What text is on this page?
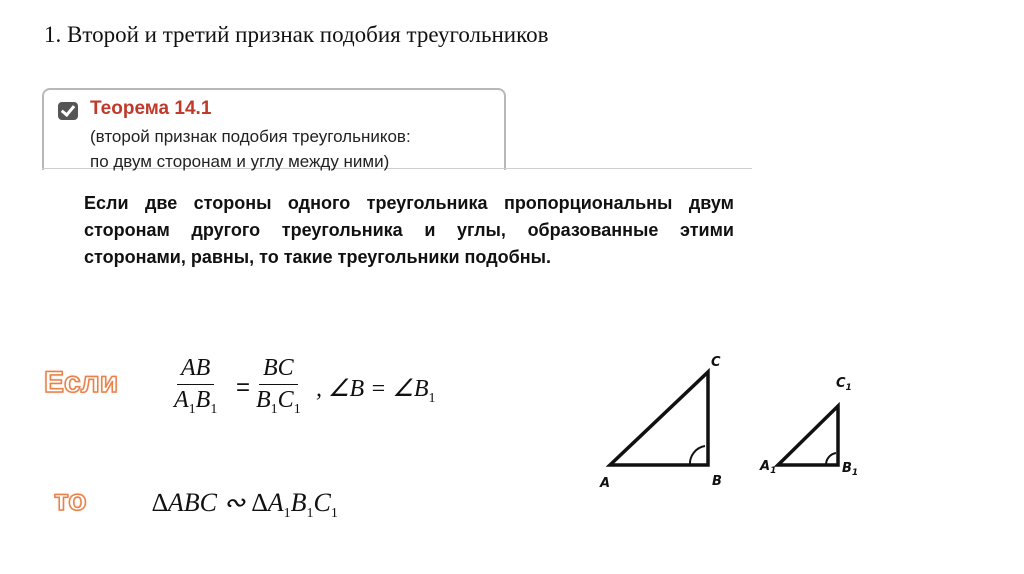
1. Второй и третий признак подобия треугольников
Теорема 14.1
(второй признак подобия треугольников:
по двум сторонам и углу между ними)
Если две стороны одного треугольника пропорциональны двум сторонам другого треугольника и углы, образованные этими сторонами, равны, то такие треугольники подобны.
Если $\frac{AB}{A_1B_1} = \frac{BC}{B_1C_1}$ , ∠B = $\angle B_1$
то	∆ABC ∾ $\Delta A_1B_1C_1$
A	B
C
$A_1$	$B_1$
$C_1$
